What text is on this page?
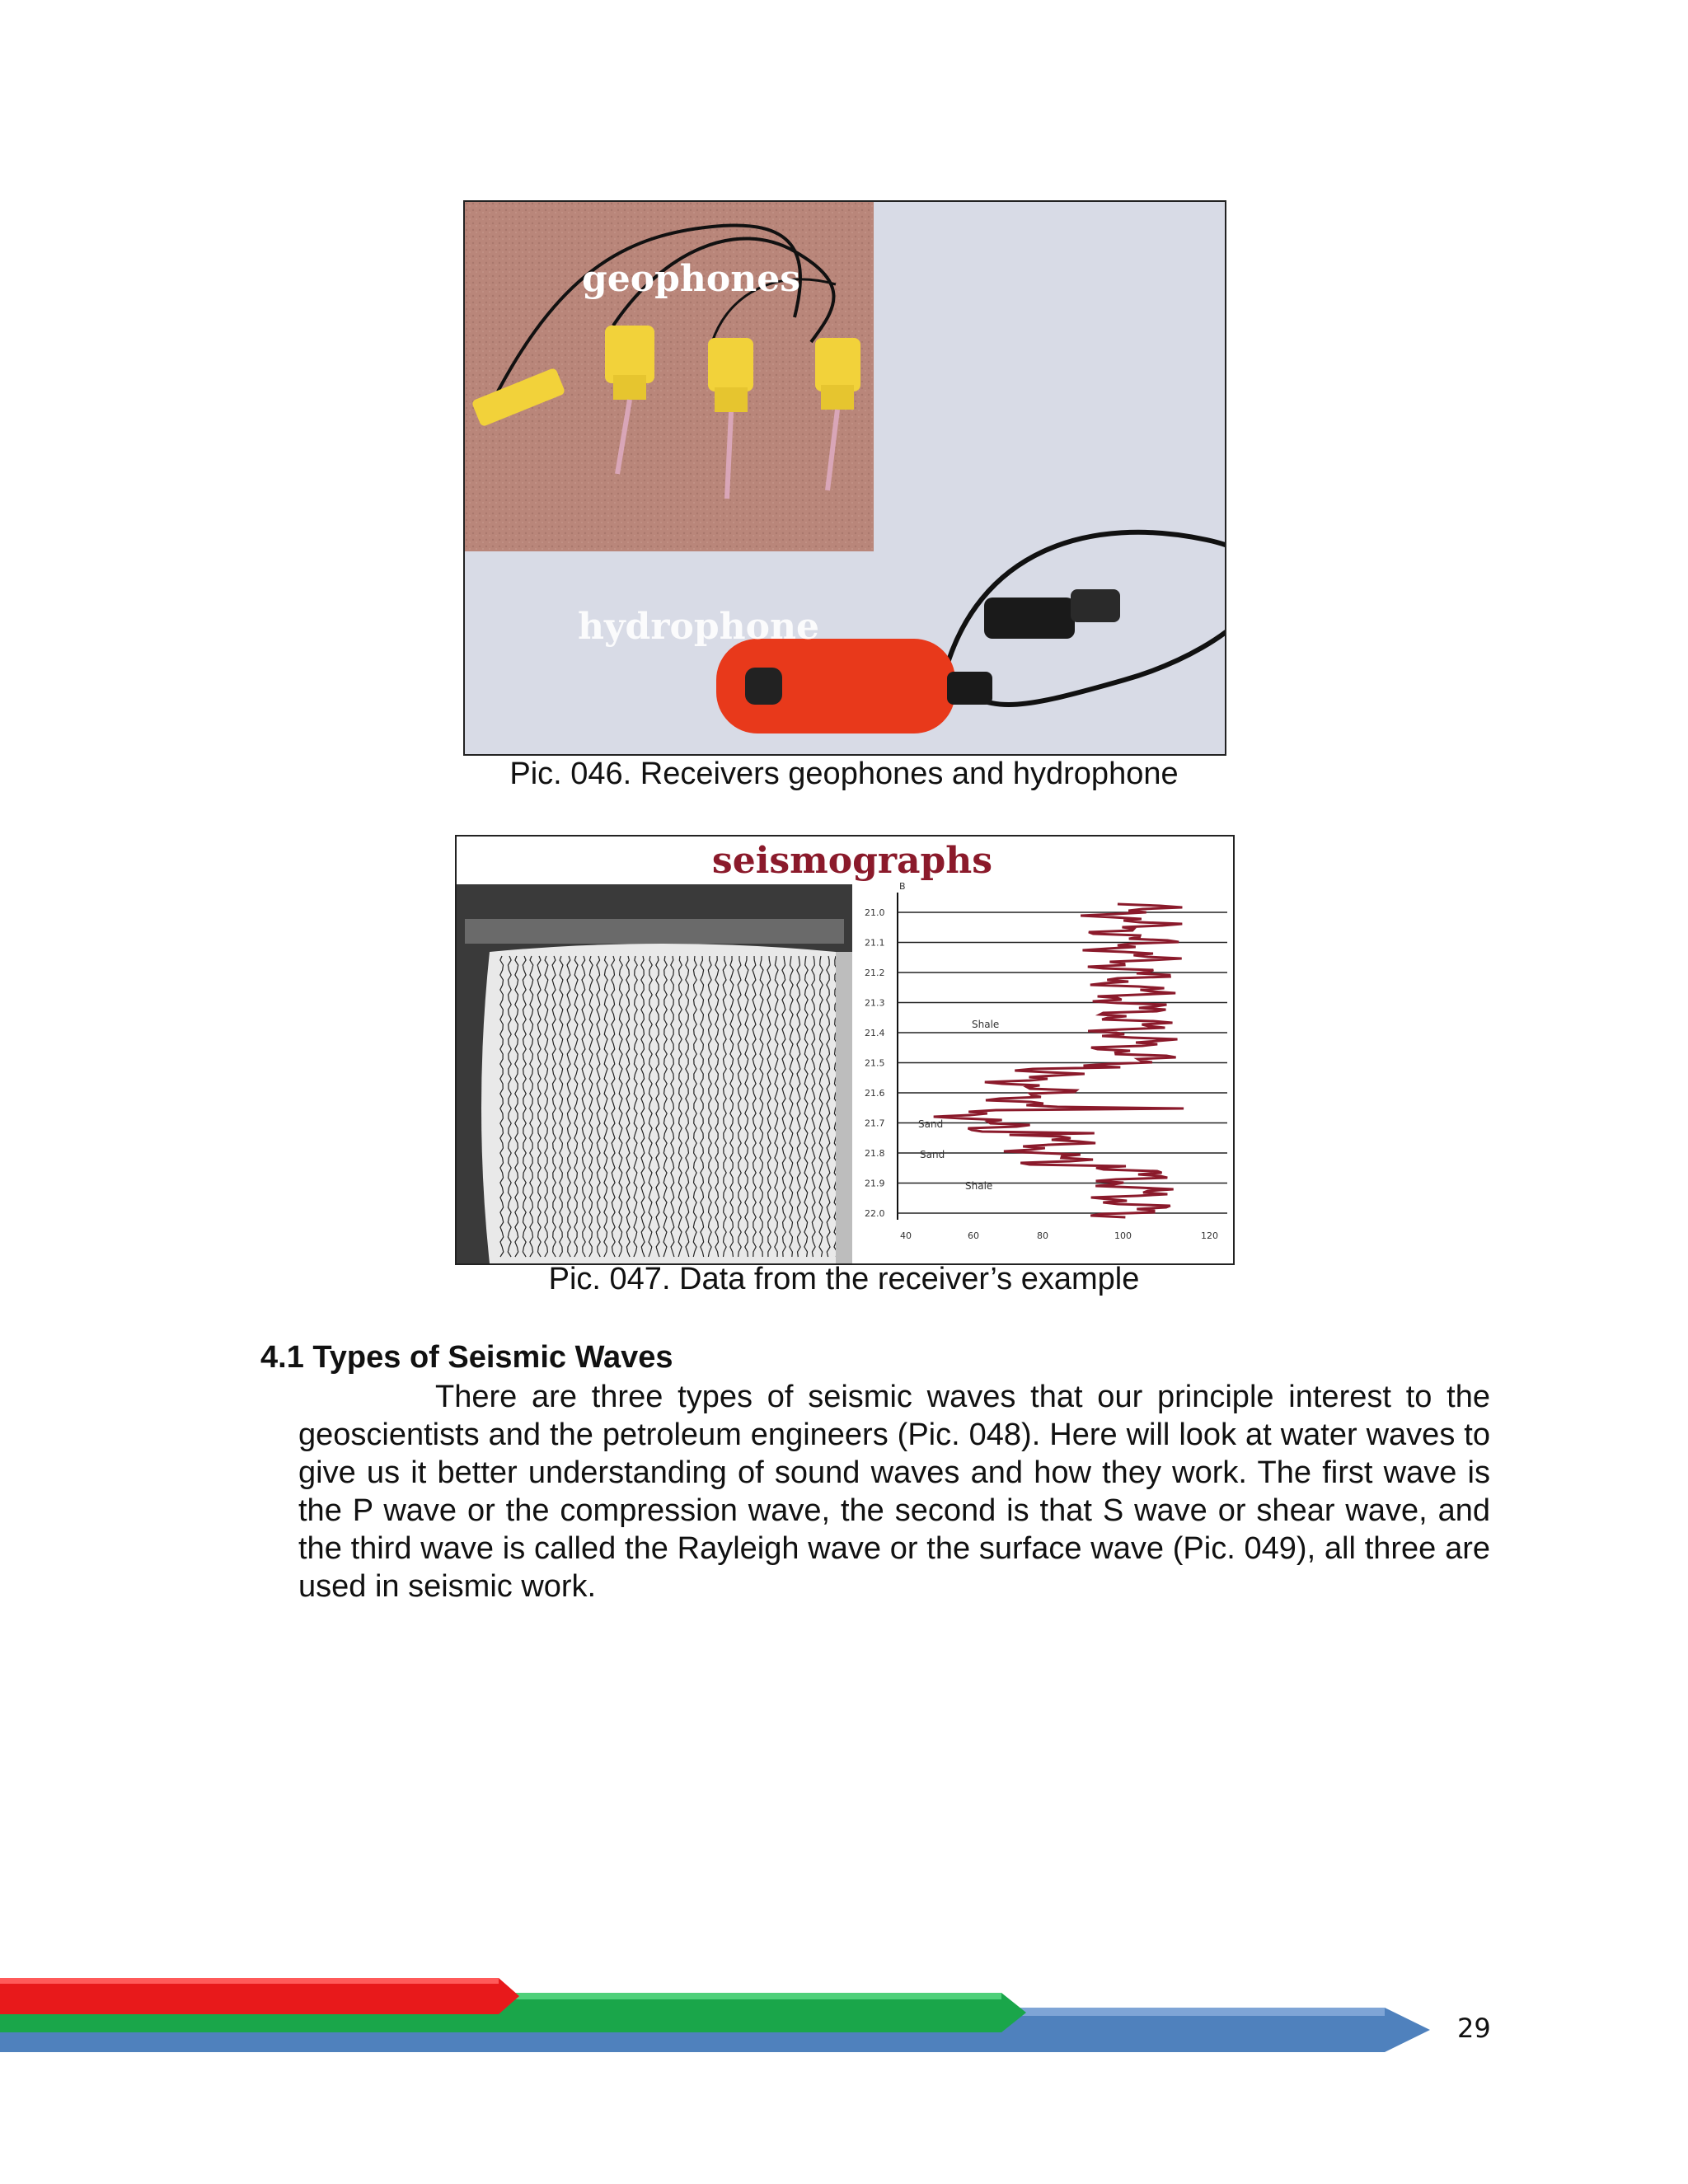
geophones
hydrophone
Pic. 046. Receivers geophones and hydrophone
seismographs
B
21.0
21.1
21.2
21.3
21.4
21.5
21.6
21.7
21.8
21.9
22.0
40	60	80	100	120
Shale
Sand
Sand
Shale
Pic. 047. Data from the receiver’s example
4.1 Types of Seismic Waves

There are three types of seismic waves that our principle interest to the geoscientists and the petroleum engineers (Pic. 048). Here will look at water waves to give us it better understanding of sound waves and how they work. The first wave is the P wave or the compression wave, the second is that S wave or shear wave, and the third wave is called the Rayleigh wave or the surface wave (Pic. 049), all three are used in seismic work.

29
